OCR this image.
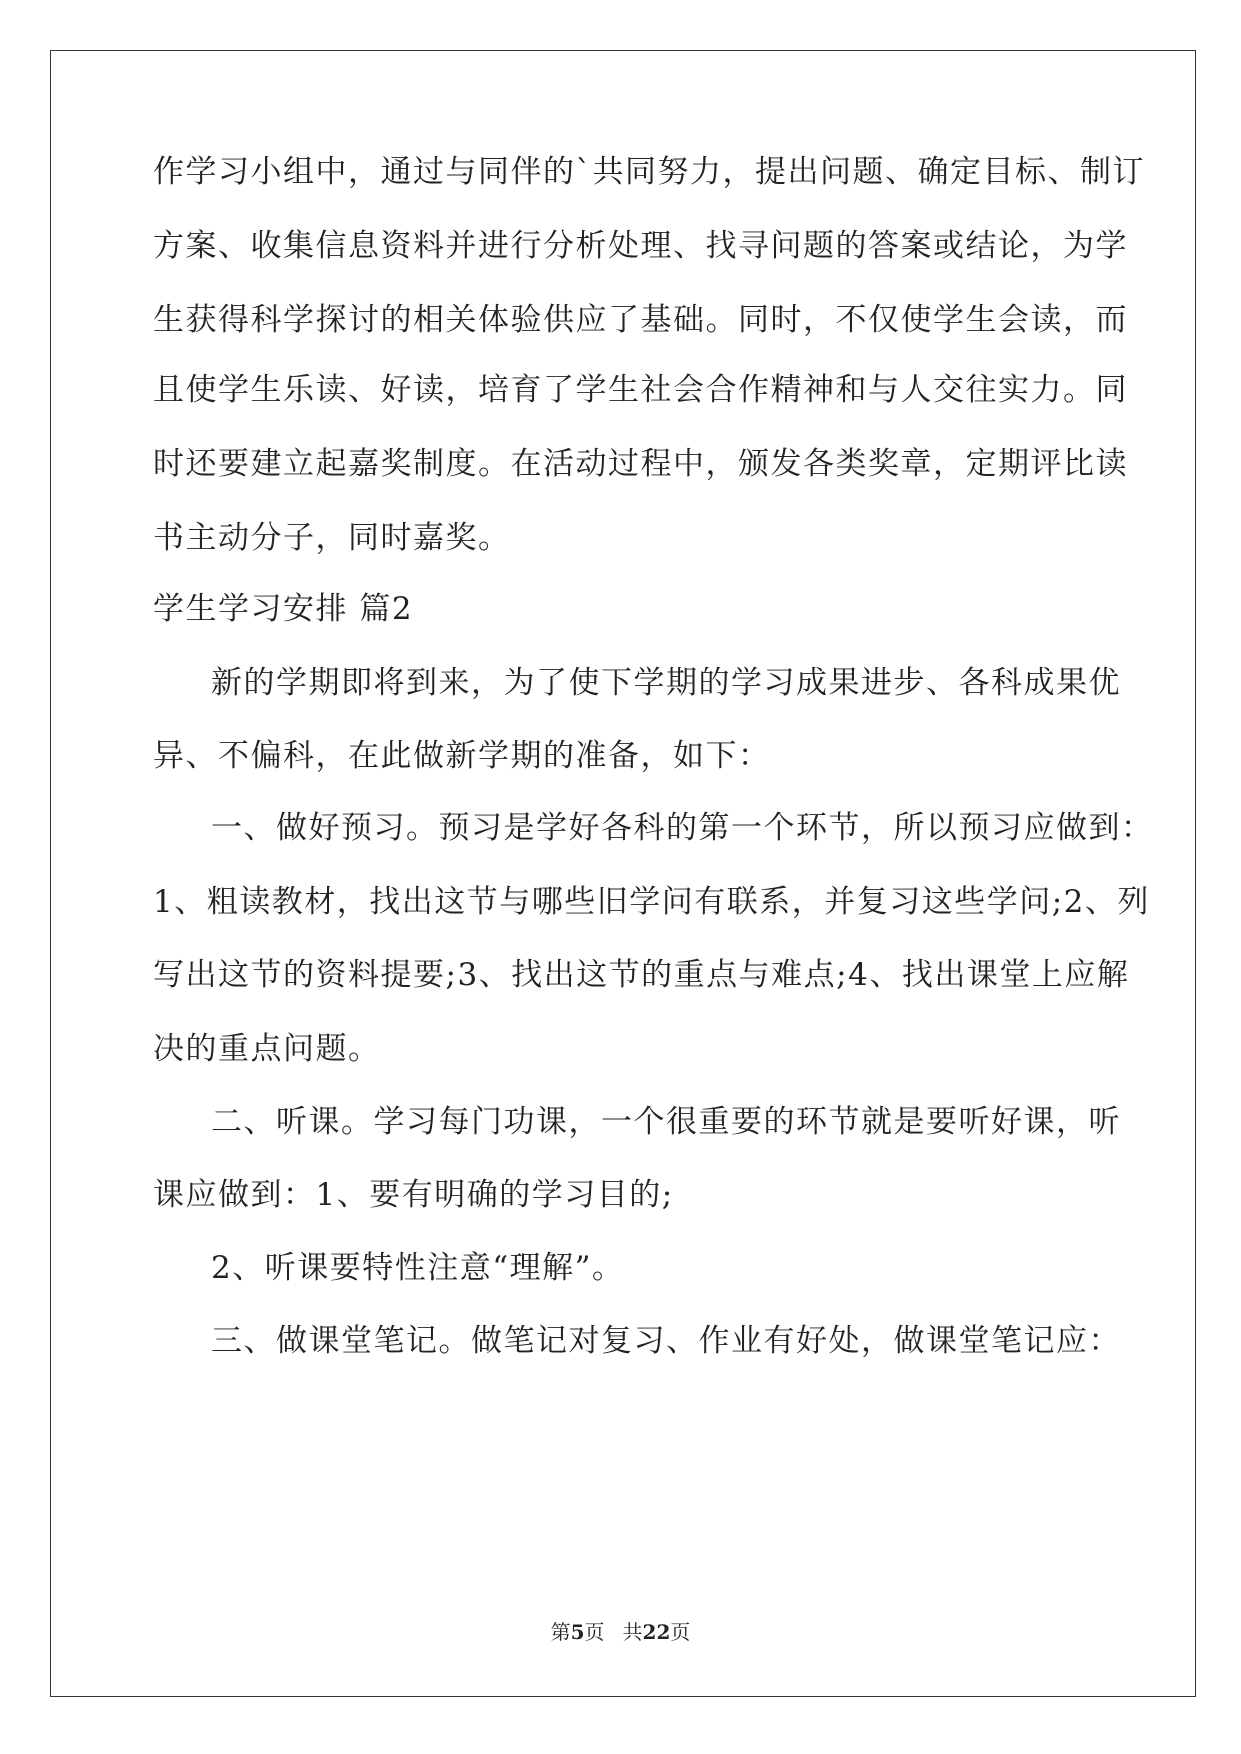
作学习小组中，通过与同伴的`共同努力，提出问题、确定目标、制订
方案、收集信息资料并进行分析处理、找寻问题的答案或结论，为学
生获得科学探讨的相关体验供应了基础。同时，不仅使学生会读，而
且使学生乐读、好读，培育了学生社会合作精神和与人交往实力。同
时还要建立起嘉奖制度。在活动过程中，颁发各类奖章，定期评比读
书主动分子，同时嘉奖。
学生学习安排 篇2
新的学期即将到来，为了使下学期的学习成果进步、各科成果优
异、不偏科，在此做新学期的准备，如下：
一、做好预习。预习是学好各科的第一个环节，所以预习应做到：
1、粗读教材，找出这节与哪些旧学问有联系，并复习这些学问;2、列
写出这节的资料提要;3、找出这节的重点与难点;4、找出课堂上应解
决的重点问题。
二、听课。学习每门功课，一个很重要的环节就是要听好课，听
课应做到：1、要有明确的学习目的;
2、听课要特性注意“理解”。
三、做课堂笔记。做笔记对复习、作业有好处，做课堂笔记应：
第5页 共22页
